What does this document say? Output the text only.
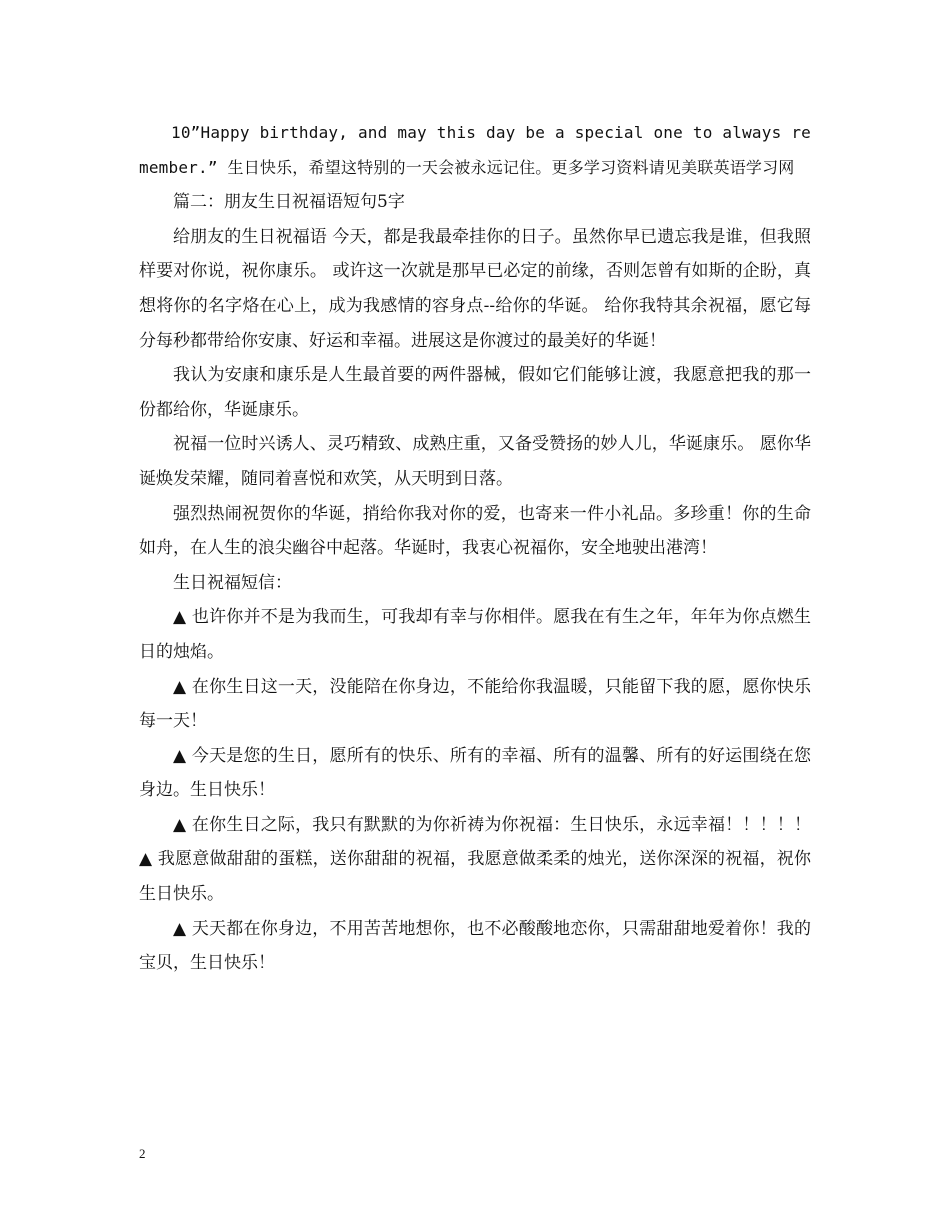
10”Happy birthday, and may this day be a special one to always remember.” 生日快乐，希望这特别的一天会被永远记住。更多学习资料请见美联英语学习网

篇二：朋友生日祝福语短句5字

给朋友的生日祝福语 今天，都是我最牵挂你的日子。虽然你早已遗忘我是谁，但我照样要对你说，祝你康乐。 或许这一次就是那早已必定的前缘，否则怎曾有如斯的企盼，真想将你的名字烙在心上，成为我感情的容身点--给你的华诞。 给你我特其余祝福，愿它每分每秒都带给你安康、好运和幸福。进展这是你渡过的最美好的华诞！

我认为安康和康乐是人生最首要的两件器械，假如它们能够让渡，我愿意把我的那一份都给你，华诞康乐。

祝福一位时兴诱人、灵巧精致、成熟庄重，又备受赞扬的妙人儿，华诞康乐。 愿你华诞焕发荣耀，随同着喜悦和欢笑，从天明到日落。

强烈热闹祝贺你的华诞，捎给你我对你的爱，也寄来一件小礼品。多珍重！你的生命如舟，在人生的浪尖幽谷中起落。华诞时，我衷心祝福你，安全地驶出港湾！

生日祝福短信：

▲ 也许你并不是为我而生，可我却有幸与你相伴。愿我在有生之年，年年为你点燃生日的烛焰。

▲ 在你生日这一天，没能陪在你身边，不能给你我温暖，只能留下我的愿，愿你快乐每一天！

▲ 今天是您的生日，愿所有的快乐、所有的幸福、所有的温馨、所有的好运围绕在您身边。生日快乐！

▲ 在你生日之际，我只有默默的为你祈祷为你祝福：生日快乐，永远幸福！！！！！▲ 我愿意做甜甜的蛋糕，送你甜甜的祝福，我愿意做柔柔的烛光，送你深深的祝福，祝你生日快乐。

▲ 天天都在你身边，不用苦苦地想你，也不必酸酸地恋你，只需甜甜地爱着你！我的宝贝，生日快乐！

2
